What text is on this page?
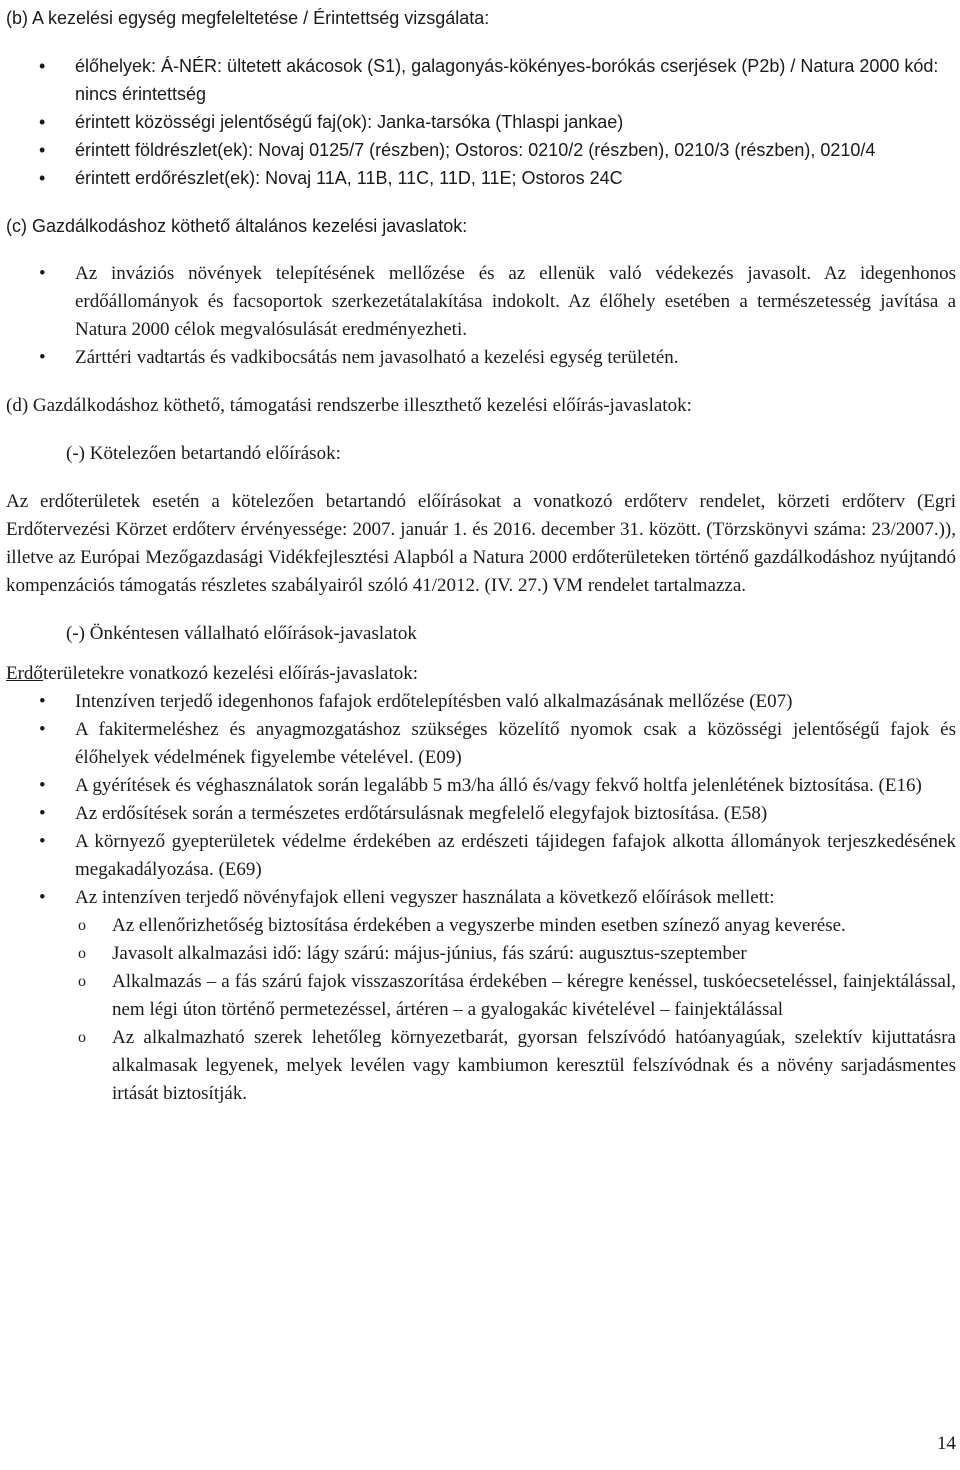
(b) A kezelési egység megfeleltetése / Érintettség vizsgálata:

• élőhelyek: Á-NÉR: ültetett akácosok (S1), galagonyás-kökényes-borókás cserjések (P2b) / Natura 2000 kód: nincs érintettség
• érintett közösségi jelentőségű faj(ok): Janka-tarsóka (Thlaspi jankae)
• érintett földrészlet(ek): Novaj 0125/7 (részben); Ostoros: 0210/2 (részben), 0210/3 (részben), 0210/4
• érintett erdőrészlet(ek): Novaj 11A, 11B, 11C, 11D, 11E; Ostoros 24C

(c) Gazdálkodáshoz köthető általános kezelési javaslatok:

• Az inváziós növények telepítésének mellőzése és az ellenük való védekezés javasolt. Az idegenhonos erdőállományok és facsoportok szerkezetátalakítása indokolt. Az élőhely esetében a természetesség javítása a Natura 2000 célok megvalósulását eredményezheti.
• Zárttéri vadtartás és vadkibocsátás nem javasolható a kezelési egység területén.

(d) Gazdálkodáshoz köthető, támogatási rendszerbe illeszthető kezelési előírás-javaslatok:

(-) Kötelezően betartandó előírások:

Az erdőterületek esetén a kötelezően betartandó előírásokat a vonatkozó erdőterv rendelet, körzeti erdőterv (Egri Erdőtervezési Körzet erdőterv érvényessége: 2007. január 1. és 2016. december 31. között. (Törzskönyvi száma: 23/2007.)), illetve az Európai Mezőgazdasági Vidékfejlesztési Alapból a Natura 2000 erdőterületeken történő gazdálkodáshoz nyújtandó kompenzációs támogatás részletes szabályairól szóló 41/2012. (IV. 27.) VM rendelet tartalmazza.

(-) Önkéntesen vállalható előírások-javaslatok

Erdőterületekre vonatkozó kezelési előírás-javaslatok:

• Intenzíven terjedő idegenhonos fafajok erdőtelepítésben való alkalmazásának mellőzése (E07)
• A fakitermeléshez és anyagmozgatáshoz szükséges közelítő nyomok csak a közösségi jelentőségű fajok és élőhelyek védelmének figyelembe vételével. (E09)
• A gyérítések és véghasználatok során legalább 5 m3/ha álló és/vagy fekvő holtfa jelenlétének biztosítása. (E16)
• Az erdősítések során a természetes erdőtársulásnak megfelelő elegyfajok biztosítása. (E58)
• A környező gyepterületek védelme érdekében az erdészeti tájidegen fafajok alkotta állományok terjeszkedésének megakadályozása. (E69)
• Az intenzíven terjedő növényfajok elleni vegyszer használata a következő előírások mellett:
o Az ellenőrizhetőség biztosítása érdekében a vegyszerbe minden esetben színező anyag keverése.
o Javasolt alkalmazási idő: lágy szárú: május-június, fás szárú: augusztus-szeptember
o Alkalmazás – a fás szárú fajok visszaszorítása érdekében – kéregre kenéssel, tuskóecseteléssel, fainjektálással, nem légi úton történő permetezéssel, ártéren – a gyalogakác kivételével – fainjektálással
o Az alkalmazható szerek lehetőleg környezetbarát, gyorsan felszívódó hatóanyagúak, szelektív kijuttatásra alkalmasak legyenek, melyek levélen vagy kambiumon keresztül felszívódnak és a növény sarjadásmentes irtását biztosítják.
14
